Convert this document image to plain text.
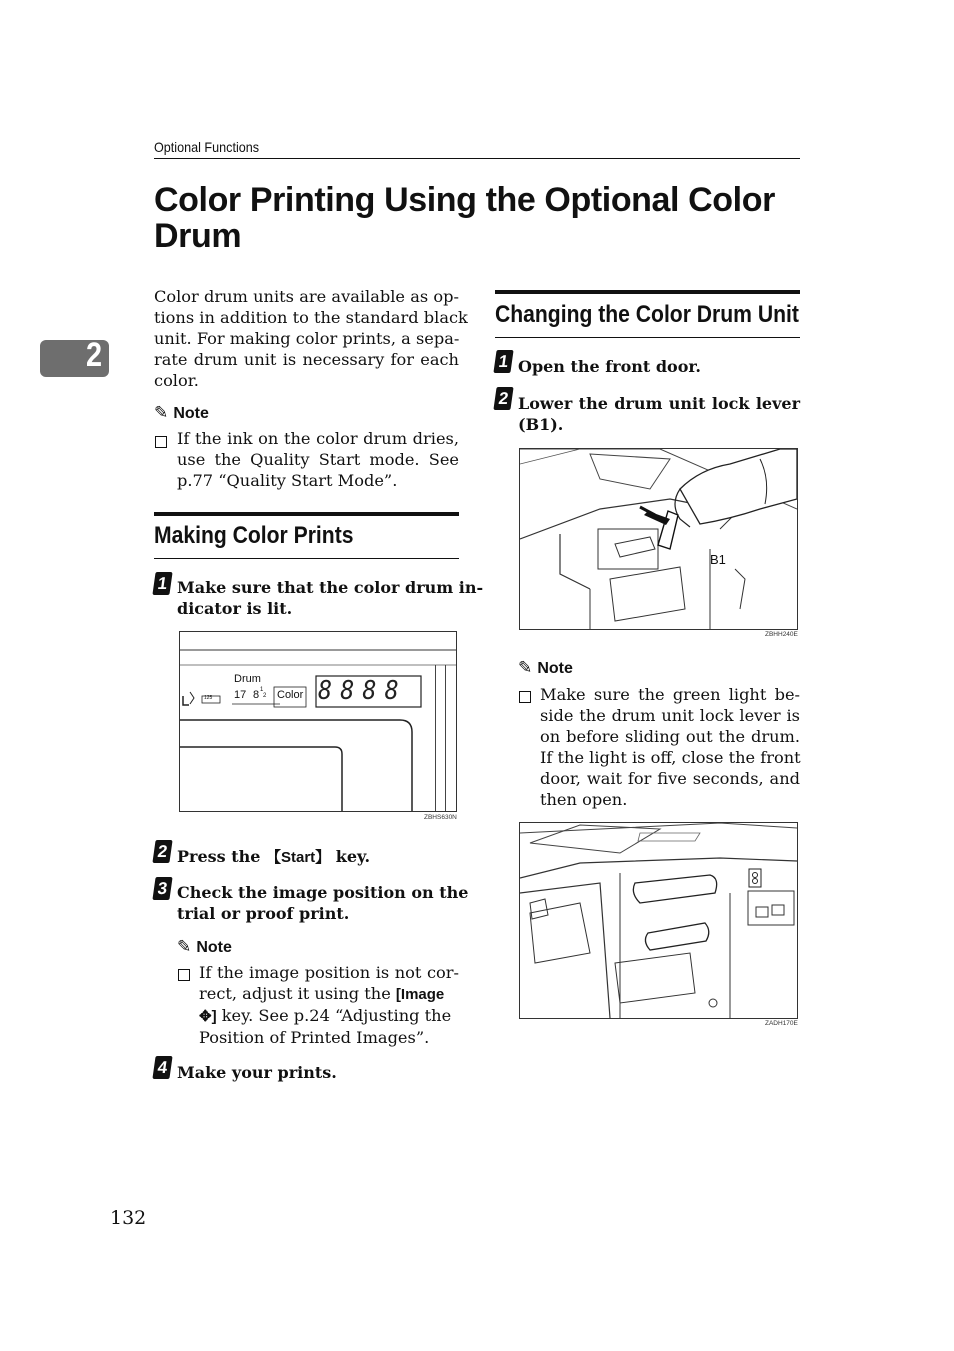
Optional Functions
Color Printing Using the Optional Color
Drum
2
Color drum units are available as op-
tions in addition to the standard black
unit. For making color prints, a sepa-
rate drum unit is necessary for each
color.
✎ Note
If the ink on the color drum dries,
use the Quality Start mode. See
p.77 “Quality Start Mode”.
Making Color Prints
1 Make sure that the color drum in-
dicator is lit.
Drum
17 8 1
2 Color 8888
125
ZBHS630N
2 Press the 【Start】 key.
3 Check the image position on the
trial or proof print.
✎ Note
If the image position is not cor-
rect, adjust it using the [Image
✥] key. See p.24 “Adjusting the
Position of Printed Images”.
4 Make your prints.
Changing the Color Drum Unit
1 Open the front door.
2 Lower the drum unit lock lever
(B1).
B1
ZBHH240E
✎ Note
Make sure the green light be-
side the drum unit lock lever is
on before sliding out the drum.
If the light is off, close the front
door, wait for five seconds, and
then open.
ZADH170E
132
